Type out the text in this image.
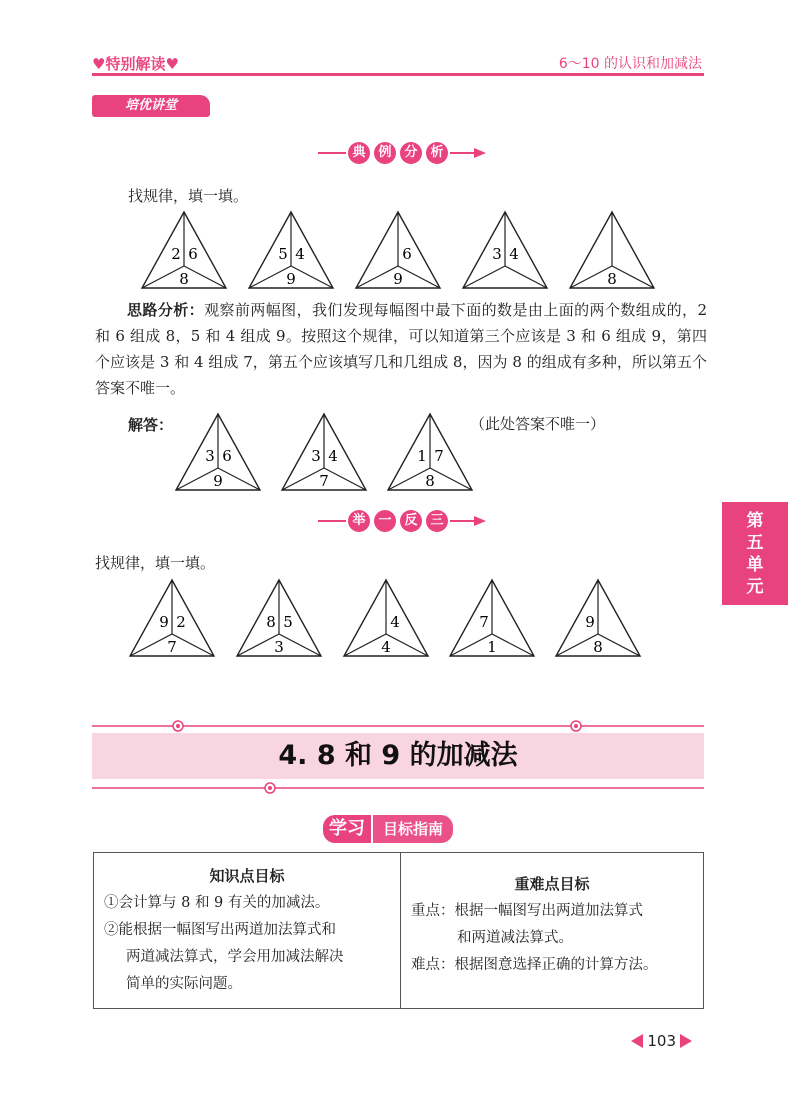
♥特别解读♥	6～10 的认识和加减法
培优讲堂
典 例 分 析
找规律，填一填。
2 6
8
5 4
9
6
9
3 4
8
思路分析：观察前两幅图，我们发现每幅图中最下面的数是由上面的两个数组成的，2 和 6 组成 8，5 和 4 组成 9。按照这个规律，可以知道第三个应该是 3 和 6 组成 9，第四个应该是 3 和 4 组成 7，第五个应该填写几和几组成 8，因为 8 的组成有多种，所以第五个答案不唯一。
解答：	（此处答案不唯一）
3 6
9
3 4
7
1 7
8
举 一 反 三
找规律，填一填。
9 2
7
8 5
3
4
4
7
1
9
8
第
五
单
元
4. 8 和 9 的加减法
学习	目标指南
知识点目标
①会计算与 8 和 9 有关的加减法。
②能根据一幅图写出两道加法算式和
两道减法算式，学会用加减法解决
简单的实际问题。

重难点目标
重点：根据一幅图写出两道加法算式
和两道减法算式。
难点：根据图意选择正确的计算方法。
103
